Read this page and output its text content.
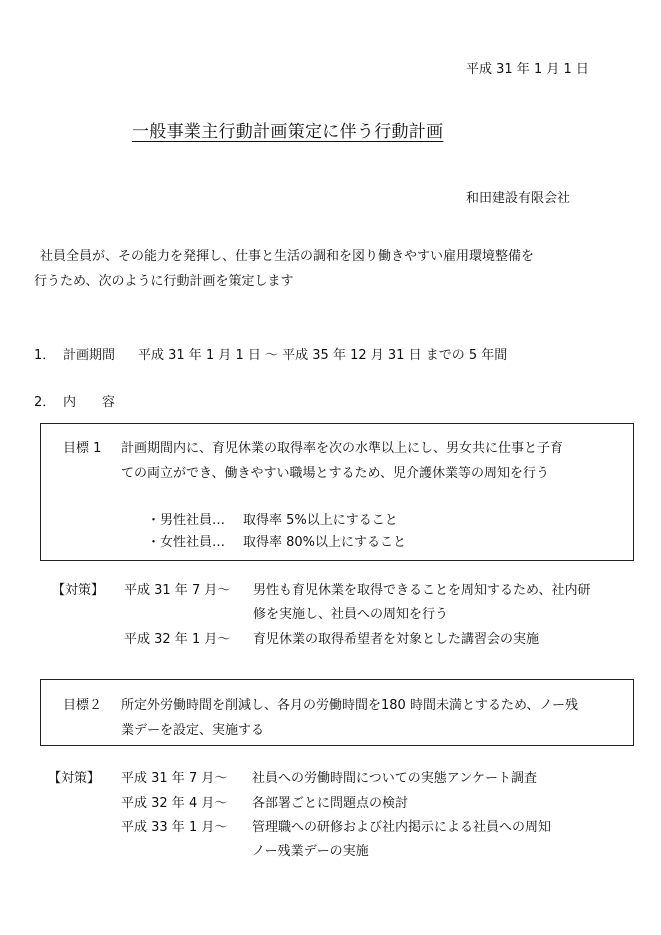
平成 31 年 1 月 1 日
一般事業主行動計画策定に伴う行動計画
和田建設有限会社
社員全員が、その能力を発揮し、仕事と生活の調和を図り働きやすい雇用環境整備を
行うため、次のように行動計画を策定します
1． 計画期間 平成 31 年 1 月 1 日 ～ 平成 35 年 12 月 31 日 までの 5 年間
2． 内　　容
目標 1 計画期間内に、育児休業の取得率を次の水準以上にし、男女共に仕事と子育
ての両立ができ、働きやすい職場とするため、児介護休業等の周知を行う
・男性社員… 取得率 5%以上にすること
・女性社員… 取得率 80%以上にすること
【対策】 平成 31 年 7 月～ 男性も育児休業を取得できることを周知するため、社内研
修を実施し、社員への周知を行う
平成 32 年 1 月～ 育児休業の取得希望者を対象とした講習会の実施
目標２ 所定外労働時間を削減し、各月の労働時間を180 時間未満とするため、ノー残
業デーを設定、実施する
【対策】 平成 31 年 7 月～ 社員への労働時間についての実態アンケート調査
平成 32 年 4 月～ 各部署ごとに問題点の検討
平成 33 年 1 月～ 管理職への研修および社内掲示による社員への周知
ノー残業デーの実施
